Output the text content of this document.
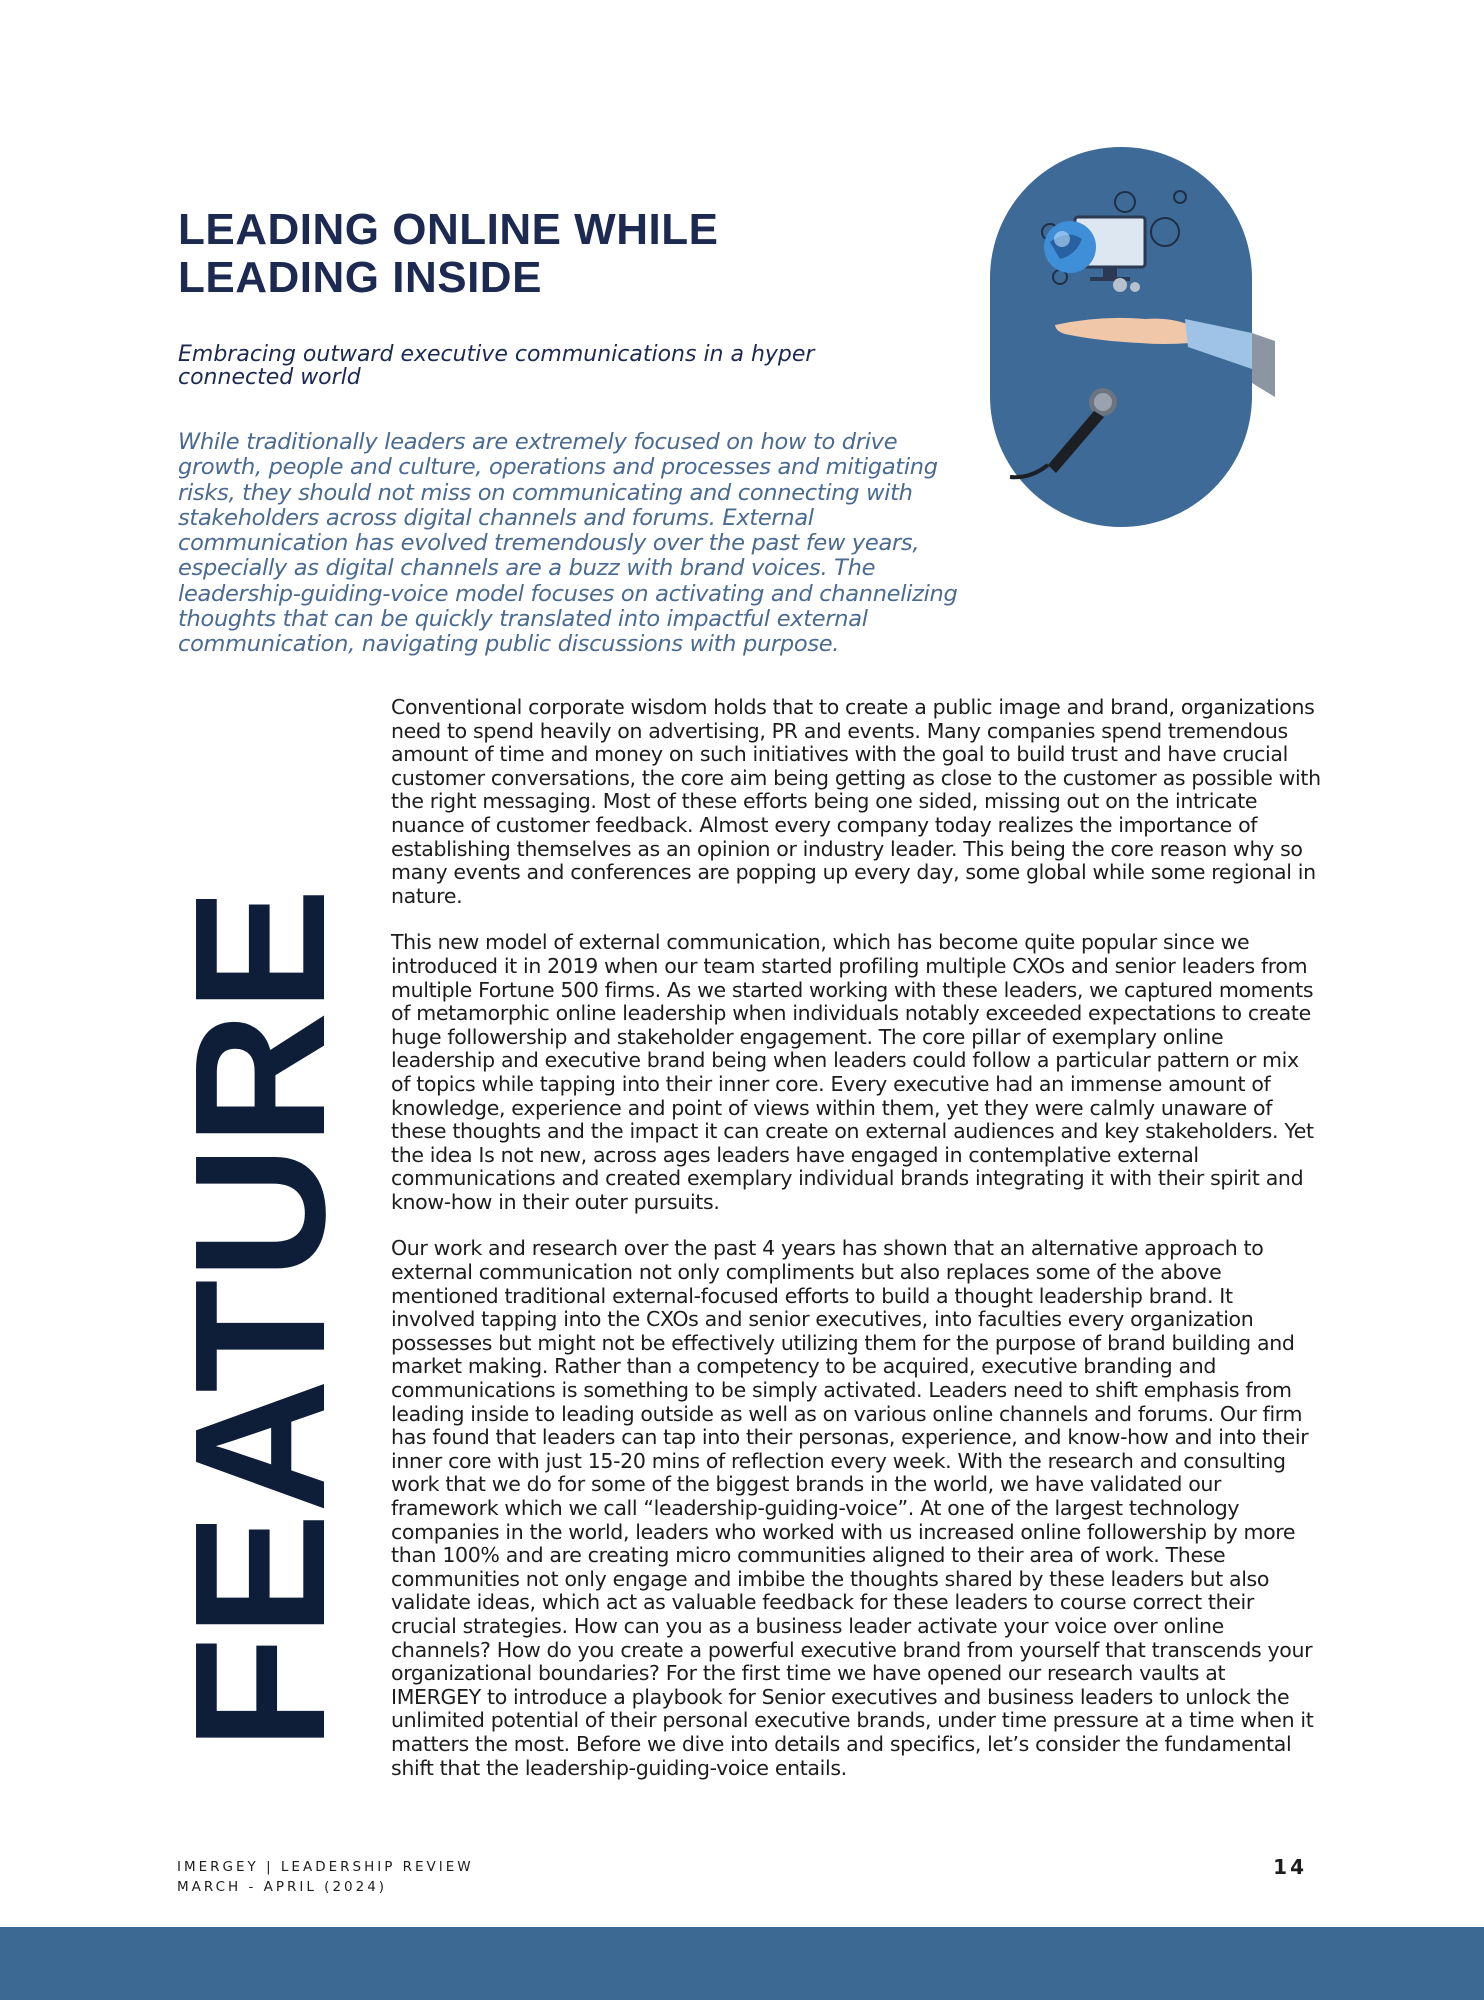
LEADING ONLINE WHILE
LEADING INSIDE

Embracing outward executive communications in a hyper connected world

While traditionally leaders are extremely focused on how to drive growth, people and culture, operations and processes and mitigating risks, they should not miss on communicating and connecting with stakeholders across digital channels and forums. External communication has evolved tremendously over the past few years, especially as digital channels are a buzz with brand voices. The leadership-guiding-voice model focuses on activating and channelizing thoughts that can be quickly translated into impactful external communication, navigating public discussions with purpose.

FEATURE

Conventional corporate wisdom holds that to create a public image and brand, organizations need to spend heavily on advertising, PR and events. Many companies spend tremendous amount of time and money on such initiatives with the goal to build trust and have crucial customer conversations, the core aim being getting as close to the customer as possible with the right messaging. Most of these efforts being one sided, missing out on the intricate nuance of customer feedback. Almost every company today realizes the importance of establishing themselves as an opinion or industry leader. This being the core reason why so many events and conferences are popping up every day, some global while some regional in nature.

This new model of external communication, which has become quite popular since we introduced it in 2019 when our team started profiling multiple CXOs and senior leaders from multiple Fortune 500 firms. As we started working with these leaders, we captured moments of metamorphic online leadership when individuals notably exceeded expectations to create huge followership and stakeholder engagement. The core pillar of exemplary online leadership and executive brand being when leaders could follow a particular pattern or mix of topics while tapping into their inner core. Every executive had an immense amount of knowledge, experience and point of views within them, yet they were calmly unaware of these thoughts and the impact it can create on external audiences and key stakeholders. Yet the idea Is not new, across ages leaders have engaged in contemplative external communications and created exemplary individual brands integrating it with their spirit and know-how in their outer pursuits.

Our work and research over the past 4 years has shown that an alternative approach to external communication not only compliments but also replaces some of the above mentioned traditional external-focused efforts to build a thought leadership brand. It involved tapping into the CXOs and senior executives, into faculties every organization possesses but might not be effectively utilizing them for the purpose of brand building and market making. Rather than a competency to be acquired, executive branding and communications is something to be simply activated. Leaders need to shift emphasis from leading inside to leading outside as well as on various online channels and forums. Our firm has found that leaders can tap into their personas, experience, and know-how and into their inner core with just 15-20 mins of reflection every week. With the research and consulting work that we do for some of the biggest brands in the world, we have validated our framework which we call “leadership-guiding-voice”. At one of the largest technology companies in the world, leaders who worked with us increased online followership by more than 100% and are creating micro communities aligned to their area of work. These communities not only engage and imbibe the thoughts shared by these leaders but also validate ideas, which act as valuable feedback for these leaders to course correct their crucial strategies. How can you as a business leader activate your voice over online channels? How do you create a powerful executive brand from yourself that transcends your organizational boundaries? For the first time we have opened our research vaults at IMERGEY to introduce a playbook for Senior executives and business leaders to unlock the unlimited potential of their personal executive brands, under time pressure at a time when it matters the most. Before we dive into details and specifics, let’s consider the fundamental shift that the leadership-guiding-voice entails.

IMERGEY | LEADERSHIP REVIEW
MARCH - APRIL (2024)
14
